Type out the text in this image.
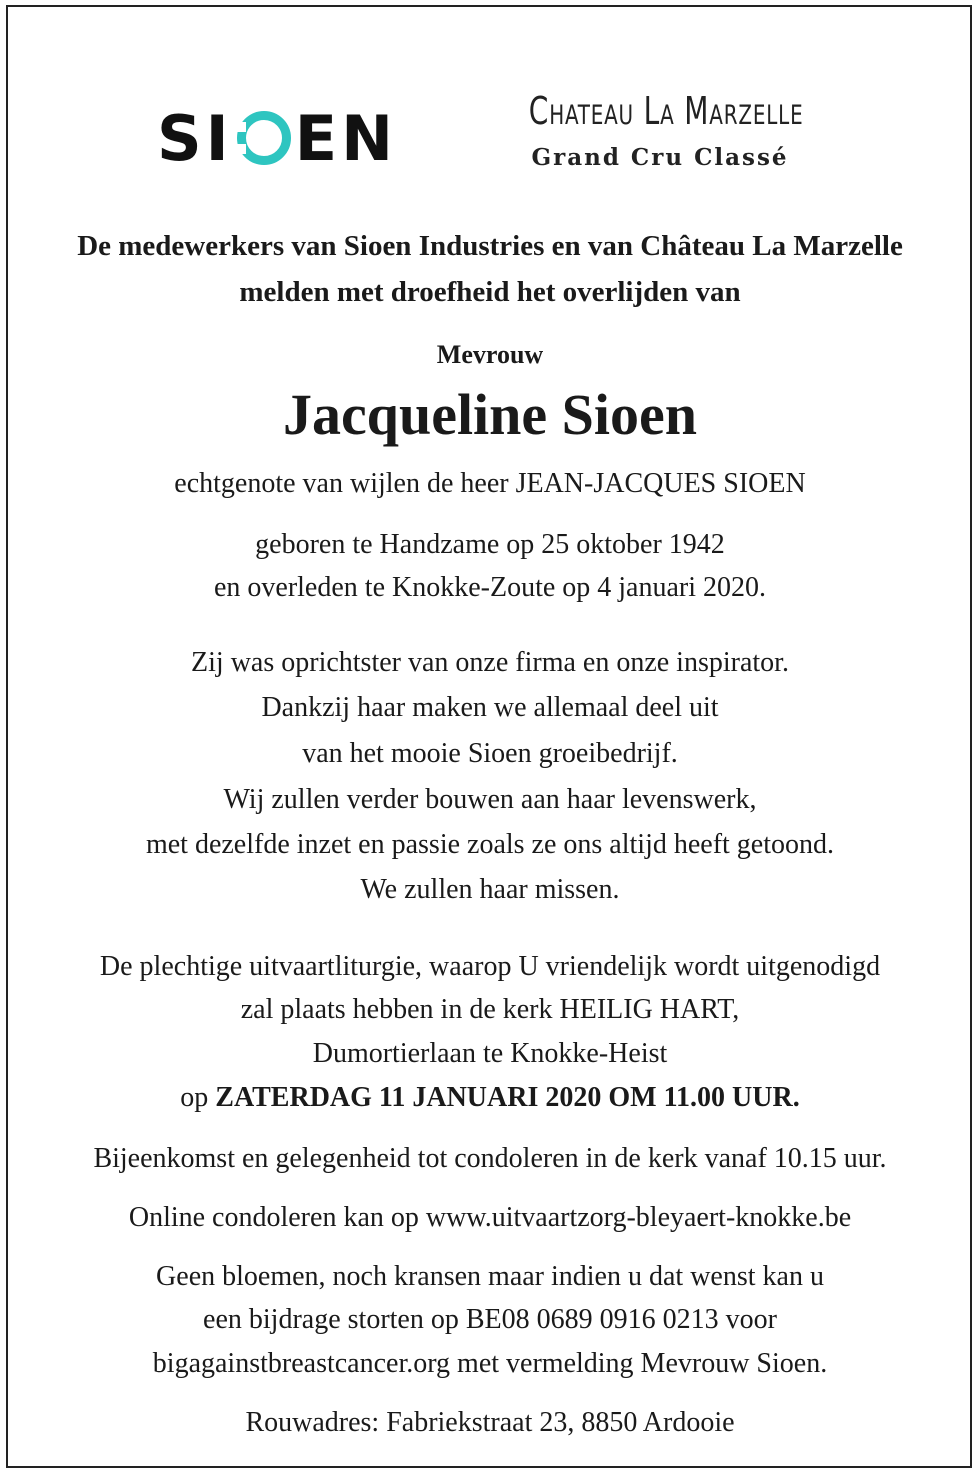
SI EN	Chateau La Marzelle
Grand Cru Classé
De medewerkers van Sioen Industries en van Château La Marzelle
melden met droefheid het overlijden van
Mevrouw
Jacqueline Sioen
echtgenote van wijlen de heer JEAN-JACQUES SIOEN
geboren te Handzame op 25 oktober 1942
en overleden te Knokke-Zoute op 4 januari 2020.
Zij was oprichtster van onze firma en onze inspirator.
Dankzij haar maken we allemaal deel uit
van het mooie Sioen groeibedrijf.
Wij zullen verder bouwen aan haar levenswerk,
met dezelfde inzet en passie zoals ze ons altijd heeft getoond.
We zullen haar missen.
De plechtige uitvaartliturgie, waarop U vriendelijk wordt uitgenodigd
zal plaats hebben in de kerk HEILIG HART,
Dumortierlaan te Knokke-Heist
op ZATERDAG 11 JANUARI 2020 OM 11.00 UUR.
Bijeenkomst en gelegenheid tot condoleren in de kerk vanaf 10.15 uur.
Online condoleren kan op www.uitvaartzorg-bleyaert-knokke.be
Geen bloemen, noch kransen maar indien u dat wenst kan u
een bijdrage storten op BE08 0689 0916 0213 voor
bigagainstbreastcancer.org met vermelding Mevrouw Sioen.
Rouwadres: Fabriekstraat 23, 8850 Ardooie
